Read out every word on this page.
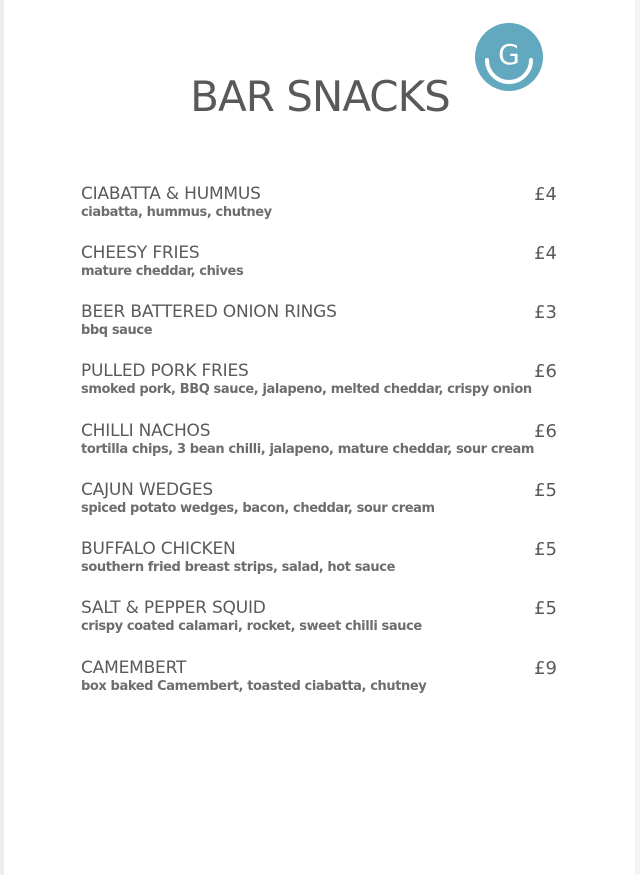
G
BAR SNACKS
CIABATTA & HUMMUS
ciabatta, hummus, chutney
£4
CHEESY FRIES
mature cheddar, chives
£4
BEER BATTERED ONION RINGS
bbq sauce
£3
PULLED PORK FRIES
smoked pork, BBQ sauce, jalapeno, melted cheddar, crispy onion
£6
CHILLI NACHOS
tortilla chips, 3 bean chilli, jalapeno, mature cheddar, sour cream
£6
CAJUN WEDGES
spiced potato wedges, bacon, cheddar, sour cream
£5
BUFFALO CHICKEN
southern fried breast strips, salad, hot sauce
£5
SALT & PEPPER SQUID
crispy coated calamari, rocket, sweet chilli sauce
£5
CAMEMBERT
box baked Camembert, toasted ciabatta, chutney
£9
